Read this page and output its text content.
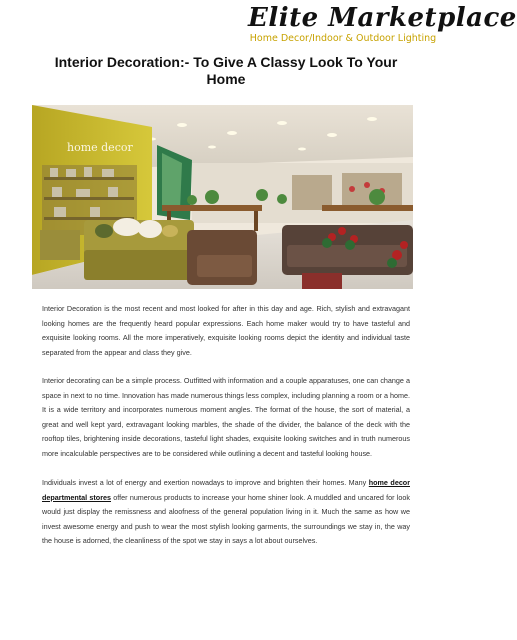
Elite Marketplace
Home Decor/Indoor & Outdoor Lighting
Interior Decoration:- To Give A Classy Look To Your Home
home decor
Interior Decoration is the most recent and most looked for after in this day and age. Rich, stylish and extravagant looking homes are the frequently heard popular expressions. Each home maker would try to have tasteful and exquisite looking rooms. All the more imperatively, exquisite looking rooms depict the identity and individual taste separated from the appear and class they give.
Interior decorating can be a simple process. Outfitted with information and a couple apparatuses, one can change a space in next to no time. Innovation has made numerous things less complex, including planning a room or a home. It is a wide territory and incorporates numerous moment angles. The format of the house, the sort of material, a great and well kept yard, extravagant looking marbles, the shade of the divider, the balance of the deck with the rooftop tiles, brightening inside decorations, tasteful light shades, exquisite looking switches and in truth numerous more incalculable perspectives are to be considered while outlining a decent and tasteful looking house.
Individuals invest a lot of energy and exertion nowadays to improve and brighten their homes. Many home decor departmental stores offer numerous products to increase your home shiner look. A muddled and uncared for look would just display the remissness and aloofness of the general population living in it. Much the same as how we invest awesome energy and push to wear the most stylish looking garments, the surroundings we stay in, the way the house is adorned, the cleanliness of the spot we stay in says a lot about ourselves.
